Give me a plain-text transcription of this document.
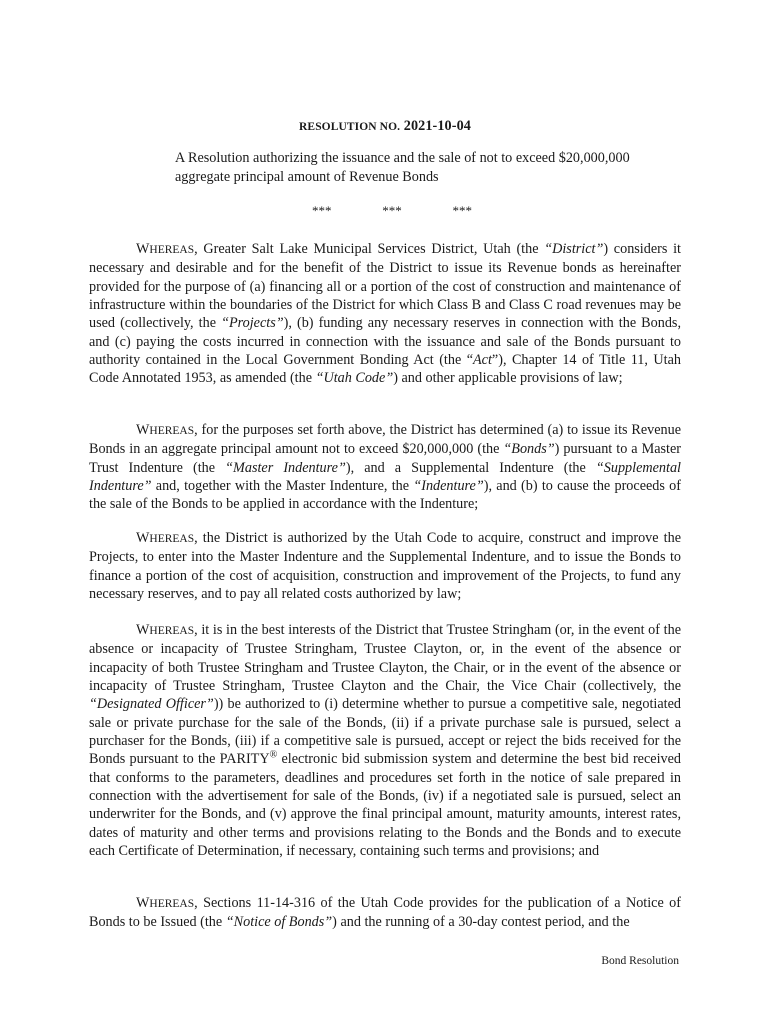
RESOLUTION NO. 2021-10-04
A Resolution authorizing the issuance and the sale of not to exceed $20,000,000 aggregate principal amount of Revenue Bonds
***	***	***

WHEREAS, Greater Salt Lake Municipal Services District, Utah (the “District”) considers it necessary and desirable and for the benefit of the District to issue its Revenue bonds as hereinafter provided for the purpose of (a) financing all or a portion of the cost of construction and maintenance of infrastructure within the boundaries of the District for which Class B and Class C road revenues may be used (collectively, the “Projects”), (b) funding any necessary reserves in connection with the Bonds, and (c) paying the costs incurred in connection with the issuance and sale of the Bonds pursuant to authority contained in the Local Government Bonding Act (the “Act”), Chapter 14 of Title 11, Utah Code Annotated 1953, as amended (the “Utah Code”) and other applicable provisions of law;

WHEREAS, for the purposes set forth above, the District has determined (a) to issue its Revenue Bonds in an aggregate principal amount not to exceed $20,000,000 (the “Bonds”) pursuant to a Master Trust Indenture (the “Master Indenture”), and a Supplemental Indenture (the “Supplemental Indenture” and, together with the Master Indenture, the “Indenture”), and (b) to cause the proceeds of the sale of the Bonds to be applied in accordance with the Indenture;

WHEREAS, the District is authorized by the Utah Code to acquire, construct and improve the Projects, to enter into the Master Indenture and the Supplemental Indenture, and to issue the Bonds to finance a portion of the cost of acquisition, construction and improvement of the Projects, to fund any necessary reserves, and to pay all related costs authorized by law;

WHEREAS, it is in the best interests of the District that Trustee Stringham (or, in the event of the absence or incapacity of Trustee Stringham, Trustee Clayton, or, in the event of the absence or incapacity of both Trustee Stringham and Trustee Clayton, the Chair, or in the event of the absence or incapacity of Trustee Stringham, Trustee Clayton and the Chair, the Vice Chair (collectively, the “Designated Officer”)) be authorized to (i) determine whether to pursue a competitive sale, negotiated sale or private purchase for the sale of the Bonds, (ii) if a private purchase sale is pursued, select a purchaser for the Bonds, (iii) if a competitive sale is pursued, accept or reject the bids received for the Bonds pursuant to the PARITY® electronic bid submission system and determine the best bid received that conforms to the parameters, deadlines and procedures set forth in the notice of sale prepared in connection with the advertisement for sale of the Bonds, (iv) if a negotiated sale is pursued, select an underwriter for the Bonds, and (v) approve the final principal amount, maturity amounts, interest rates, dates of maturity and other terms and provisions relating to the Bonds and the Bonds and to execute each Certificate of Determination, if necessary, containing such terms and provisions; and

WHEREAS, Sections 11-14-316 of the Utah Code provides for the publication of a Notice of Bonds to be Issued (the “Notice of Bonds”) and the running of a 30-day contest period, and the

Bond Resolution
